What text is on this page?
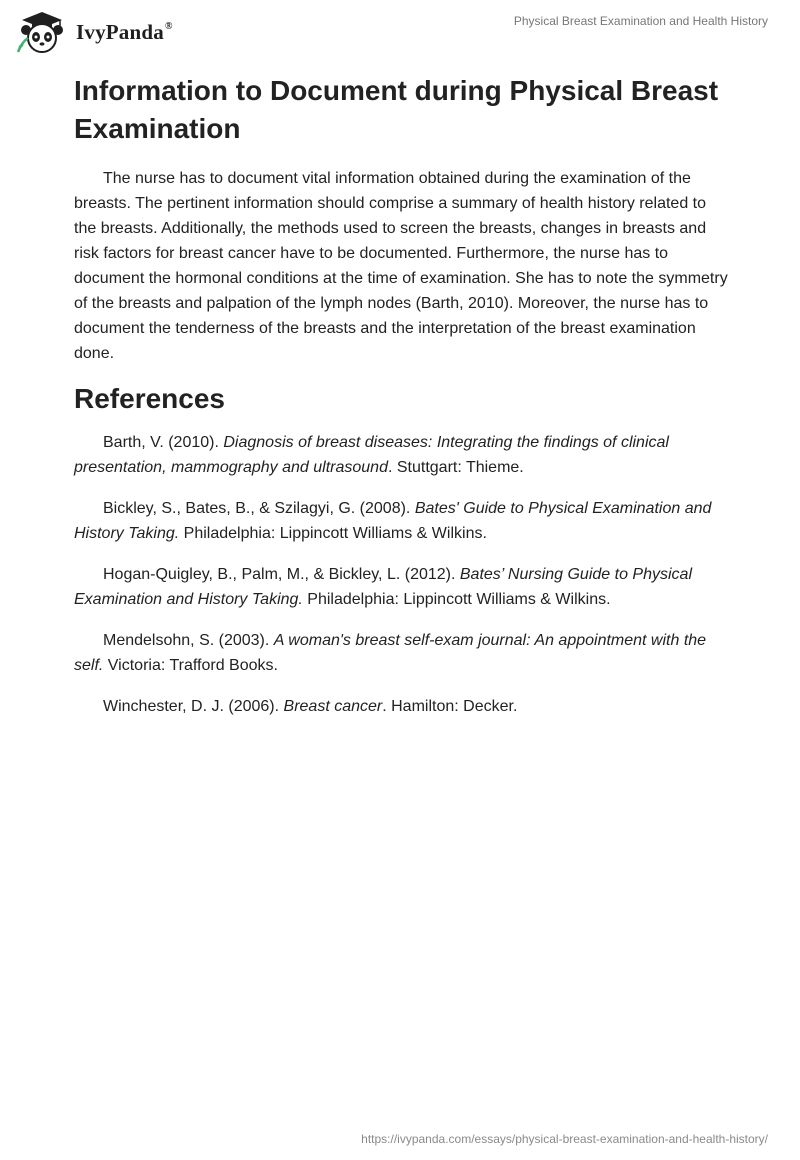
IvyPanda®	Physical Breast Examination and Health History
Information to Document during Physical Breast Examination

The nurse has to document vital information obtained during the examination of the breasts. The pertinent information should comprise a summary of health history related to the breasts. Additionally, the methods used to screen the breasts, changes in breasts and risk factors for breast cancer have to be documented. Furthermore, the nurse has to document the hormonal conditions at the time of examination. She has to note the symmetry of the breasts and palpation of the lymph nodes (Barth, 2010). Moreover, the nurse has to document the tenderness of the breasts and the interpretation of the breast examination done.

References

Barth, V. (2010). Diagnosis of breast diseases: Integrating the findings of clinical presentation, mammography and ultrasound. Stuttgart: Thieme.

Bickley, S., Bates, B., & Szilagyi, G. (2008). Bates' Guide to Physical Examination and History Taking. Philadelphia: Lippincott Williams & Wilkins.

Hogan-Quigley, B., Palm, M., & Bickley, L. (2012). Bates’ Nursing Guide to Physical Examination and History Taking. Philadelphia: Lippincott Williams & Wilkins.

Mendelsohn, S. (2003). A woman's breast self-exam journal: An appointment with the self. Victoria: Trafford Books.

Winchester, D. J. (2006). Breast cancer. Hamilton: Decker.

https://ivypanda.com/essays/physical-breast-examination-and-health-history/
